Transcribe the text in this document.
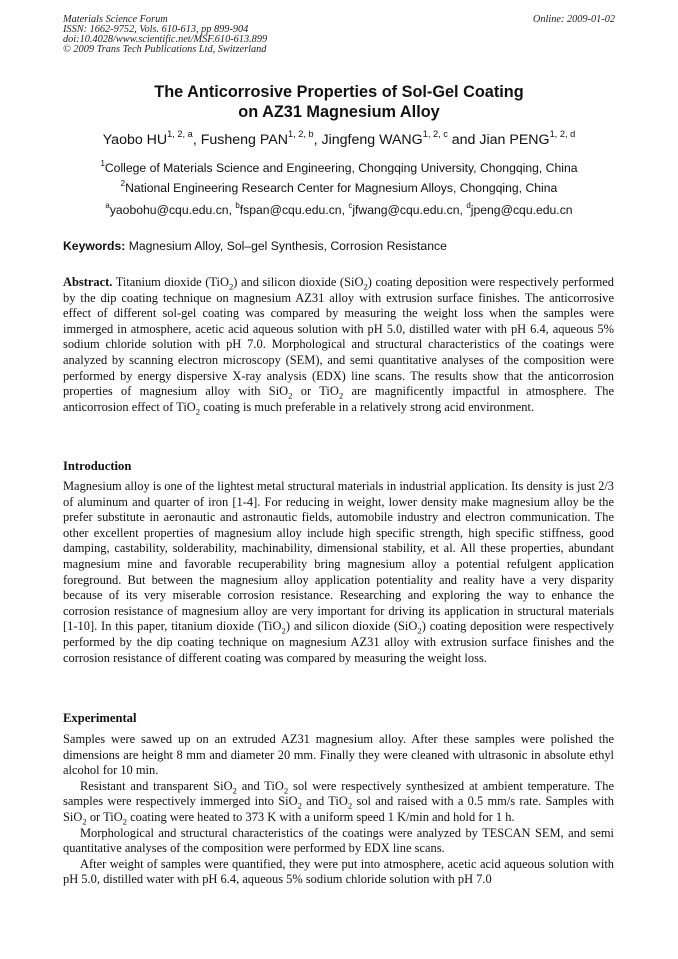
Materials Science Forum
ISSN: 1662-9752, Vols. 610-613, pp 899-904
doi:10.4028/www.scientific.net/MSF.610-613.899
© 2009 Trans Tech Publications Ltd, Switzerland
Online: 2009-01-02
The Anticorrosive Properties of Sol-Gel Coating
on AZ31 Magnesium Alloy
Yaobo HU$^{1, 2, a}$, Fusheng PAN$^{1, 2, b}$, Jingfeng WANG$^{1, 2, c}$ and Jian PENG$^{1, 2, d}$
$^1$College of Materials Science and Engineering, Chongqing University, Chongqing, China
$^2$National Engineering Research Center for Magnesium Alloys, Chongqing, China
$^a$yaobohu@cqu.edu.cn, $^b$fspan@cqu.edu.cn, $^c$jfwang@cqu.edu.cn, $^d$jpeng@cqu.edu.cn
Keywords: Magnesium Alloy, Sol–gel Synthesis, Corrosion Resistance

Abstract. Titanium dioxide (TiO$_2$) and silicon dioxide (SiO$_2$) coating deposition were respectively performed by the dip coating technique on magnesium AZ31 alloy with extrusion surface finishes. The anticorrosive effect of different sol-gel coating was compared by measuring the weight loss when the samples were immerged in atmosphere, acetic acid aqueous solution with pH 5.0, distilled water with pH 6.4, aqueous 5% sodium chloride solution with pH 7.0. Morphological and structural characteristics of the coatings were analyzed by scanning electron microscopy (SEM), and semi quantitative analyses of the composition were performed by energy dispersive X-ray analysis (EDX) line scans. The results show that the anticorrosion properties of magnesium alloy with SiO$_2$ or TiO$_2$ are magnificently impactful in atmosphere. The anticorrosion effect of TiO$_2$ coating is much preferable in a relatively strong acid environment.

Introduction

Magnesium alloy is one of the lightest metal structural materials in industrial application. Its density is just 2/3 of aluminum and quarter of iron [1-4]. For reducing in weight, lower density make magnesium alloy be the prefer substitute in aeronautic and astronautic fields, automobile industry and electron communication. The other excellent properties of magnesium alloy include high specific strength, high specific stiffness, good damping, castability, solderability, machinability, dimensional stability, et al. All these properties, abundant magnesium mine and favorable recuperability bring magnesium alloy a potential refulgent application foreground. But between the magnesium alloy application potentiality and reality have a very disparity because of its very miserable corrosion resistance. Researching and exploring the way to enhance the corrosion resistance of magnesium alloy are very important for driving its application in structural materials [1-10]. In this paper, titanium dioxide (TiO$_2$) and silicon dioxide (SiO$_2$) coating deposition were respectively performed by the dip coating technique on magnesium AZ31 alloy with extrusion surface finishes and the corrosion resistance of different coating was compared by measuring the weight loss.

Experimental

Samples were sawed up on an extruded AZ31 magnesium alloy. After these samples were polished the dimensions are height 8 mm and diameter 20 mm. Finally they were cleaned with ultrasonic in absolute ethyl alcohol for 10 min.

Resistant and transparent SiO$_2$ and TiO$_2$ sol were respectively synthesized at ambient temperature. The samples were respectively immerged into SiO$_2$ and TiO$_2$ sol and raised with a 0.5 mm/s rate. Samples with SiO$_2$ or TiO$_2$ coating were heated to 373 K with a uniform speed 1 K/min and hold for 1 h.

Morphological and structural characteristics of the coatings were analyzed by TESCAN SEM, and semi quantitative analyses of the composition were performed by EDX line scans.

After weight of samples were quantified, they were put into atmosphere, acetic acid aqueous solution with pH 5.0, distilled water with pH 6.4, aqueous 5% sodium chloride solution with pH 7.0
